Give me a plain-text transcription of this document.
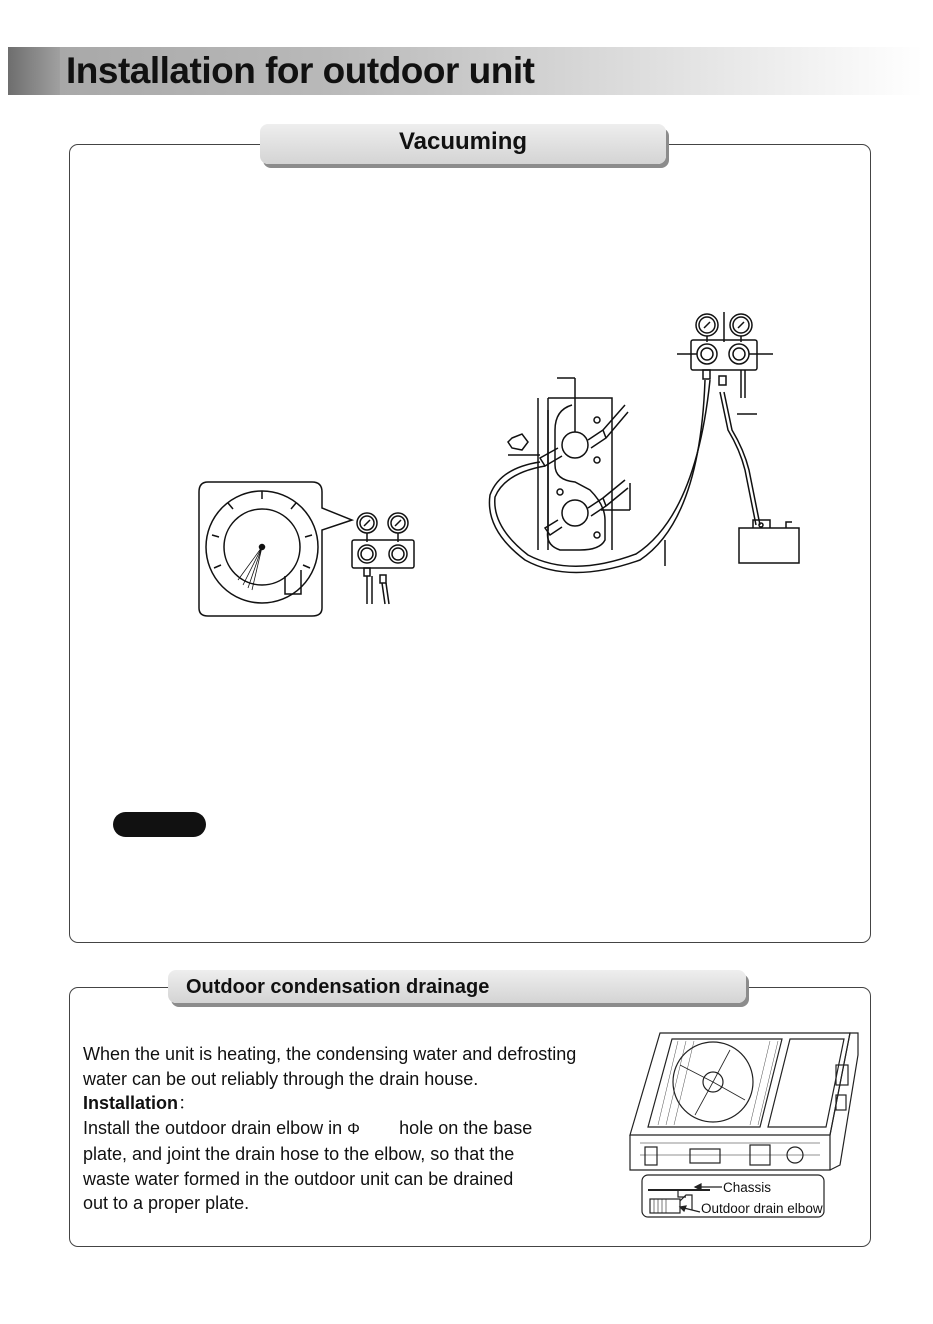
Installation for outdoor unit
Vacuuming
Outdoor condensation drainage

When the unit is heating, the condensing water and defrosting

water can be out reliably through the drain house.

Installation：

Install the outdoor drain elbow in Φ hole on the base

plate, and joint the drain hose to the elbow, so that the

waste water formed in the outdoor unit can be drained

out to a proper plate.

Chassis
Outdoor drain elbow
